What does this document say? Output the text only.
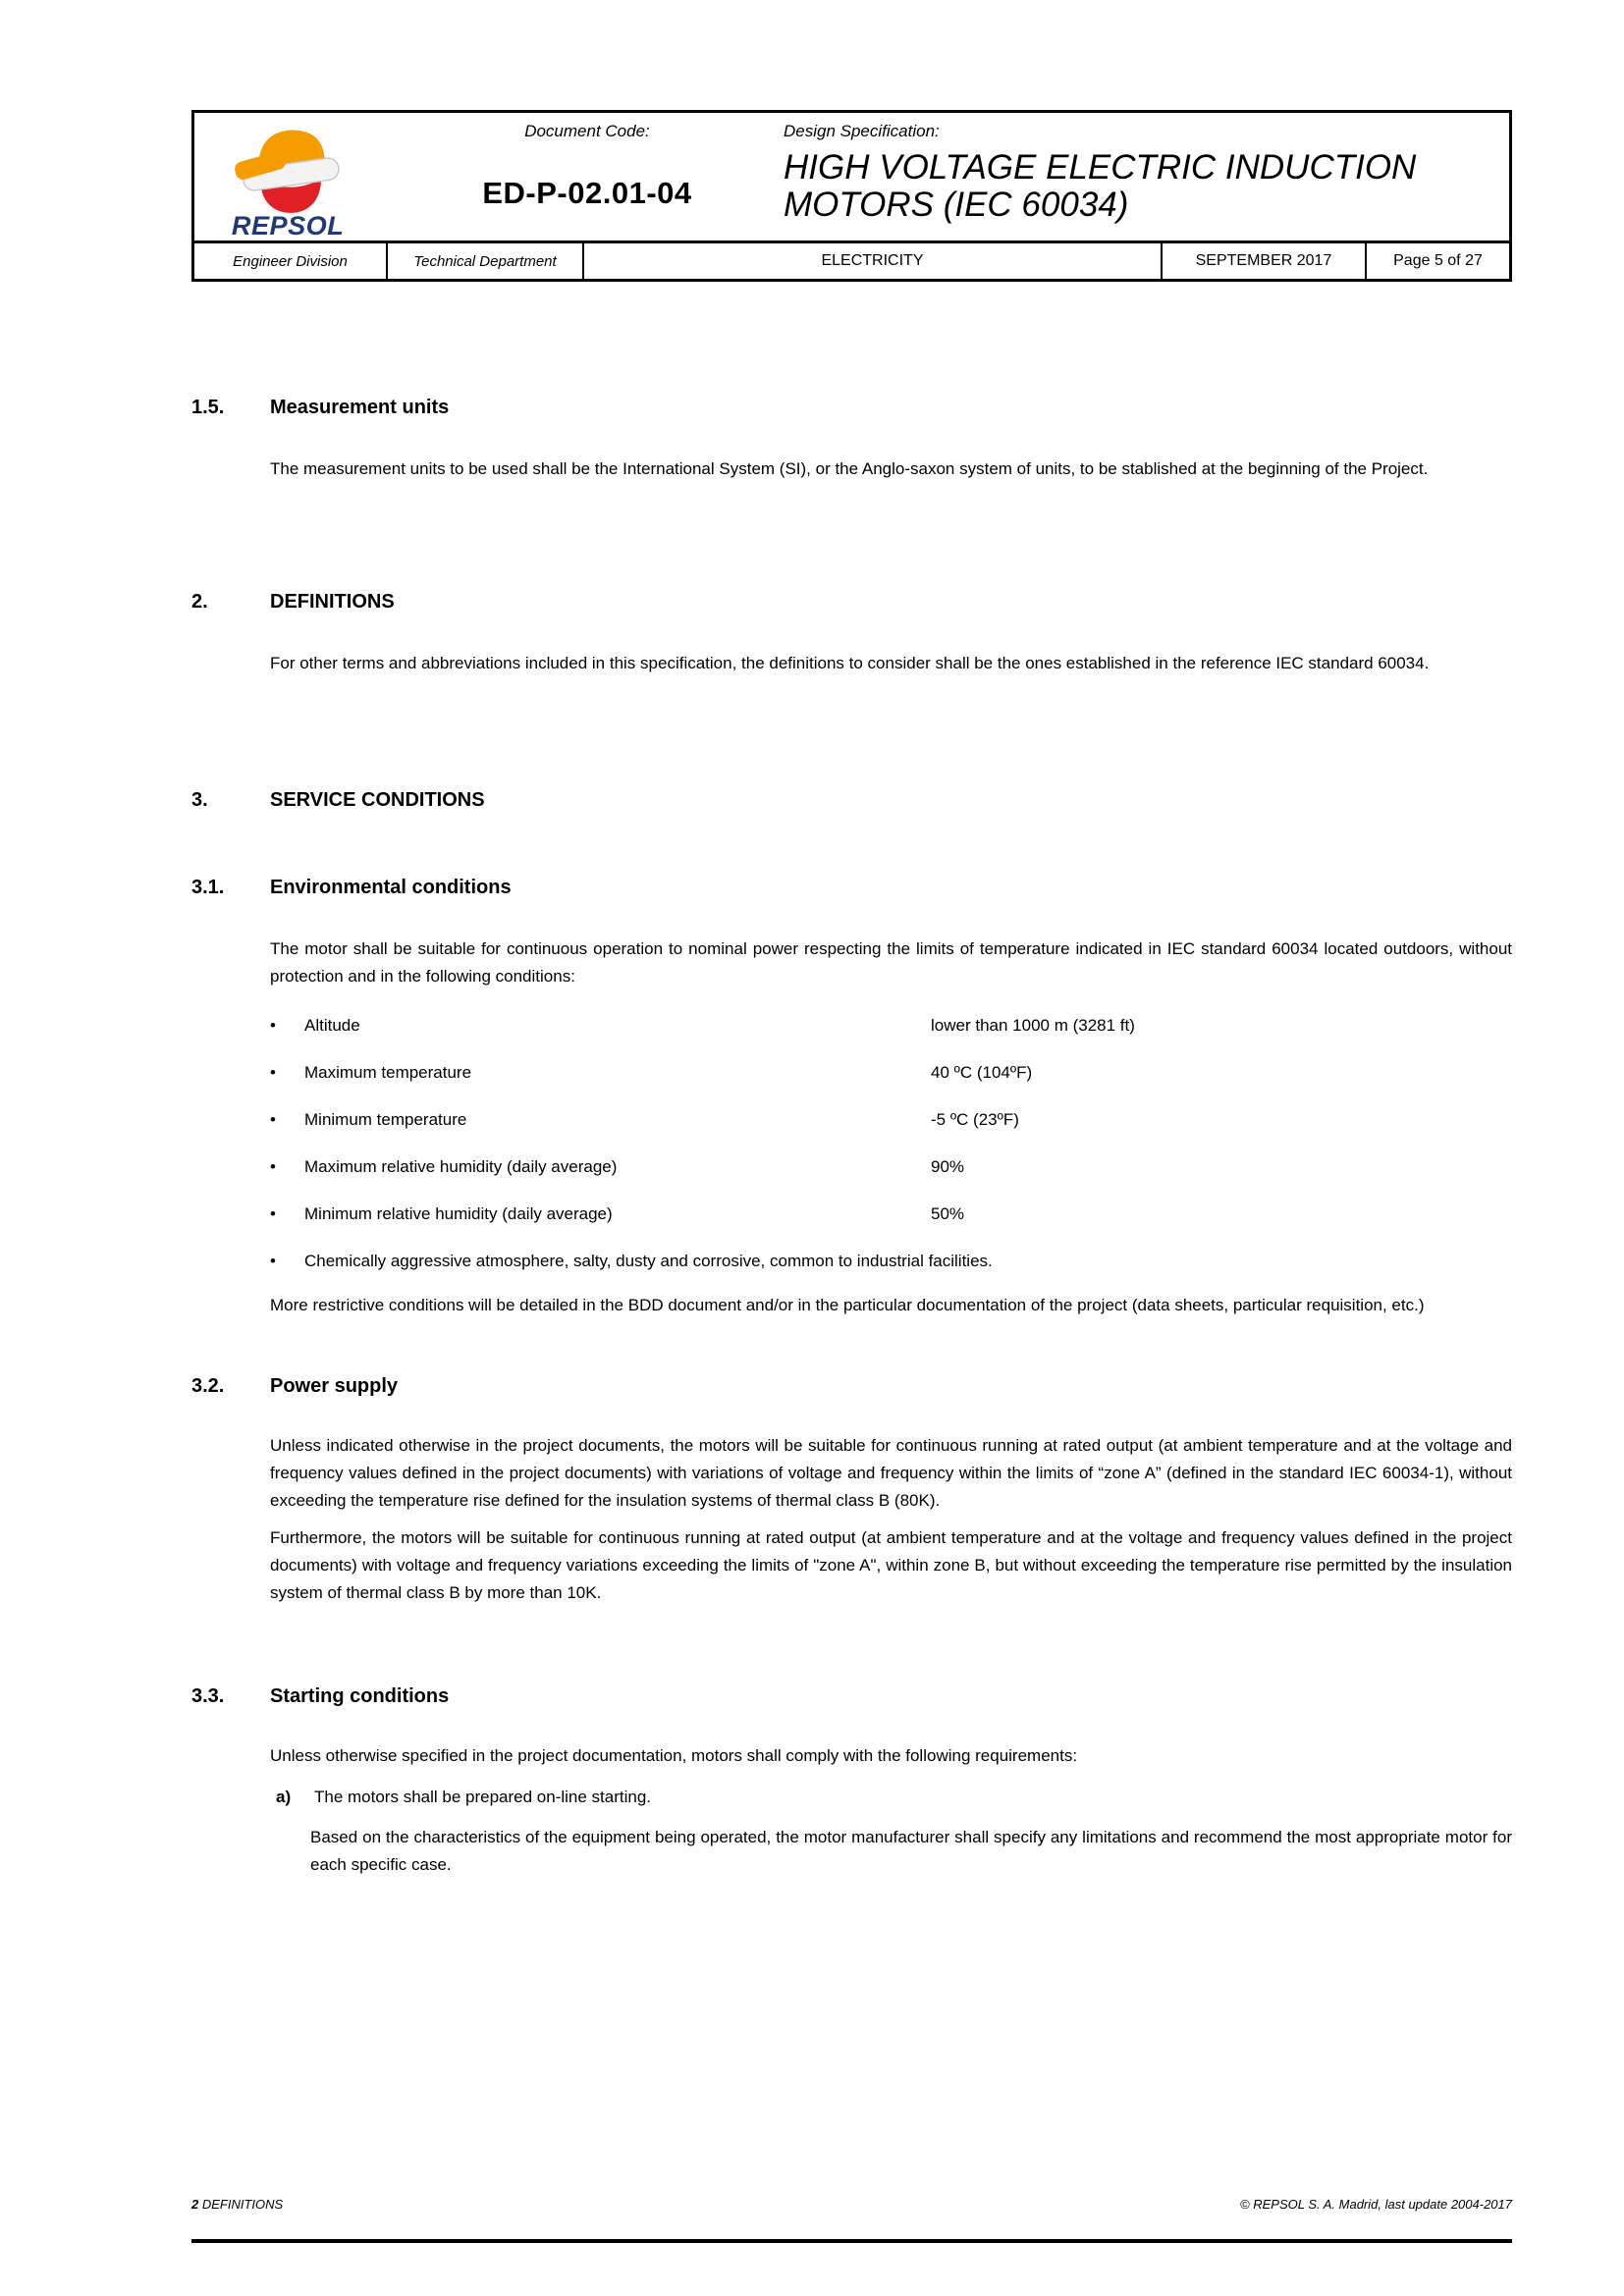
REPSOL
Document Code:
ED-P-02.01-04
Design Specification:
HIGH VOLTAGE ELECTRIC INDUCTION
MOTORS (IEC 60034)
Engineer Division	Technical Department	ELECTRICITY	SEPTEMBER 2017	Page 5 of 27
1.5.	Measurement units
The measurement units to be used shall be the International System (SI), or the Anglo-saxon system of units, to be stablished at the beginning of the Project.
2.	DEFINITIONS
For other terms and abbreviations included in this specification, the definitions to consider shall be the ones established in the reference IEC standard 60034.
3.	SERVICE CONDITIONS
3.1.	Environmental conditions
The motor shall be suitable for continuous operation to nominal power respecting the limits of temperature indicated in IEC standard 60034 located outdoors, without protection and in the following conditions:
•	Altitude	lower than 1000 m (3281 ft)
•	Maximum temperature	40 ºC (104ºF)
•	Minimum temperature	-5 ºC (23ºF)
•	Maximum relative humidity (daily average)	90%
•	Minimum relative humidity (daily average)	50%
•	Chemically aggressive atmosphere, salty, dusty and corrosive, common to industrial facilities.
More restrictive conditions will be detailed in the BDD document and/or in the particular documentation of the project (data sheets, particular requisition, etc.)
3.2.	Power supply
Unless indicated otherwise in the project documents, the motors will be suitable for continuous running at rated output (at ambient temperature and at the voltage and frequency values defined in the project documents) with variations of voltage and frequency within the limits of “zone A” (defined in the standard IEC 60034-1), without exceeding the temperature rise defined for the insulation systems of thermal class B (80K).
Furthermore, the motors will be suitable for continuous running at rated output (at ambient temperature and at the voltage and frequency values defined in the project documents) with voltage and frequency variations exceeding the limits of "zone A", within zone B, but without exceeding the temperature rise permitted by the insulation system of thermal class B by more than 10K.
3.3.	Starting conditions
Unless otherwise specified in the project documentation, motors shall comply with the following requirements:
a)	The motors shall be prepared on-line starting.
Based on the characteristics of the equipment being operated, the motor manufacturer shall specify any limitations and recommend the most appropriate motor for each specific case.
2 DEFINITIONS	© REPSOL S. A. Madrid, last update 2004-2017
